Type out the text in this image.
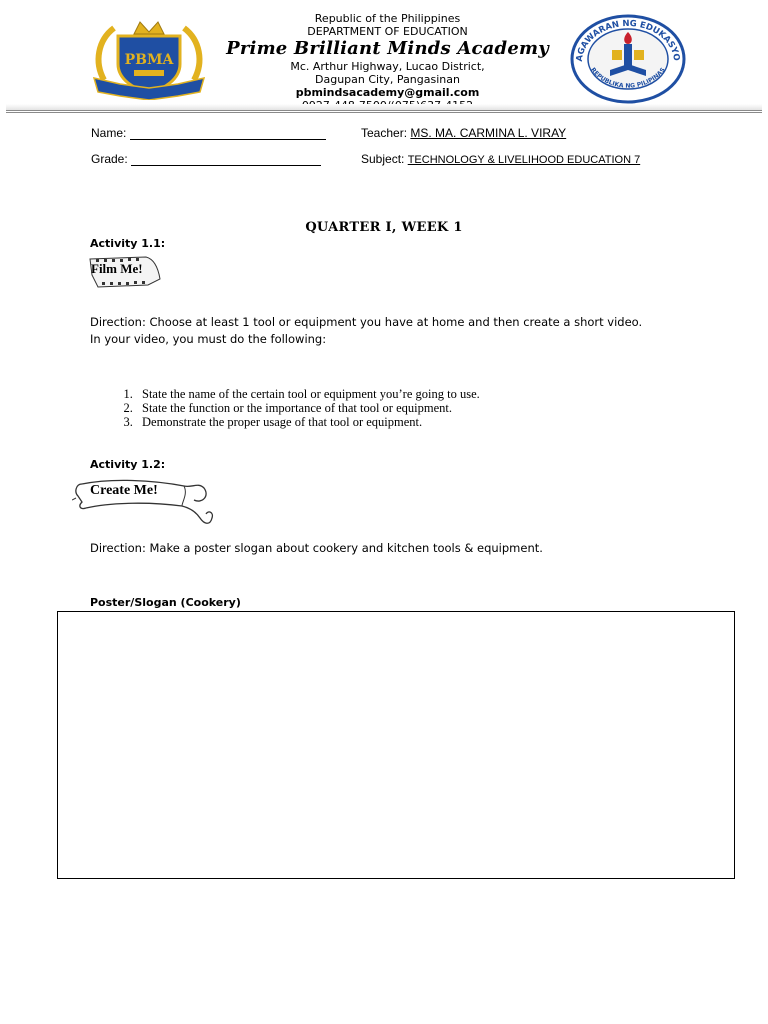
PBMA	AGAWARAN NG EDUKASYO
REPUBLIKA NG PILIPINAS
Republic of the Philippines
DEPARTMENT OF EDUCATION
Prime Brilliant Minds Academy
Mc. Arthur Highway, Lucao District,
Dagupan City, Pangasinan
pbmindsacademy@gmail.com
Name:
Grade:
Teacher: MS. MA. CARMINA L. VIRAY
Subject: TECHNOLOGY & LIVELIHOOD EDUCATION 7
QUARTER I, WEEK 1
Activity 1.1:
Film Me!
Direction: Choose at least 1 tool or equipment you have at home and then create a short video.
In your video, you must do the following:
1. State the name of the certain tool or equipment you’re going to use.
2. State the function or the importance of that tool or equipment.
3. Demonstrate the proper usage of that tool or equipment.
Activity 1.2:
Create Me!
Direction: Make a poster slogan about cookery and kitchen tools & equipment.
Poster/Slogan (Cookery)
